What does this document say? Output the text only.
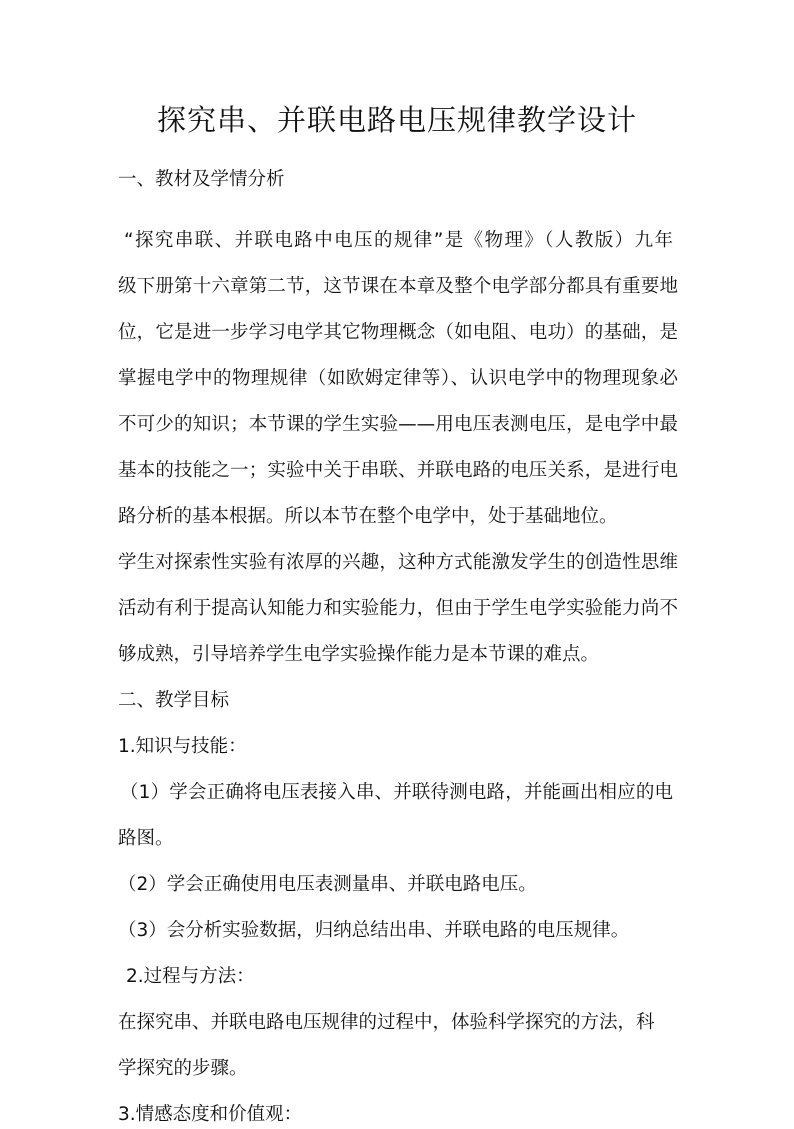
探究串、并联电路电压规律教学设计
一、教材及学情分析
“探究串联、并联电路中电压的规律”是《物理》（人教版）九年
级下册第十六章第二节，这节课在本章及整个电学部分都具有重要地
位，它是进一步学习电学其它物理概念（如电阻、电功）的基础，是
掌握电学中的物理规律（如欧姆定律等）、认识电学中的物理现象必
不可少的知识；本节课的学生实验——用电压表测电压，是电学中最
基本的技能之一；实验中关于串联、并联电路的电压关系，是进行电
路分析的基本根据。所以本节在整个电学中，处于基础地位。
学生对探索性实验有浓厚的兴趣，这种方式能激发学生的创造性思维
活动有利于提高认知能力和实验能力，但由于学生电学实验能力尚不
够成熟，引导培养学生电学实验操作能力是本节课的难点。
二、教学目标
1.知识与技能：
（1）学会正确将电压表接入串、并联待测电路，并能画出相应的电
路图。
（2）学会正确使用电压表测量串、并联电路电压。
（3）会分析实验数据，归纳总结出串、并联电路的电压规律。
2.过程与方法：
在探究串、并联电路电压规律的过程中，体验科学探究的方法，科
学探究的步骤。
3.情感态度和价值观：
